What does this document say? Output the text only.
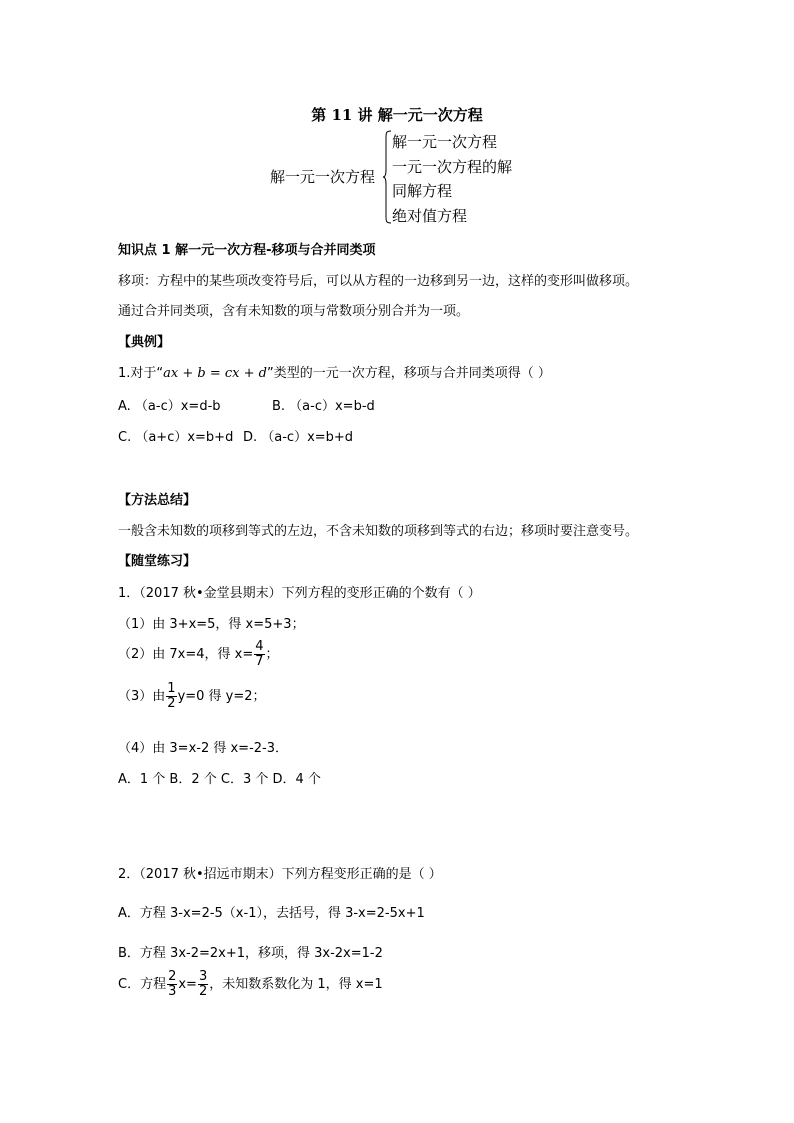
第 11 讲 解一元一次方程
解一元一次方程
解一元一次方程
一元一次方程的解
同解方程
绝对值方程
知识点 1 解一元一次方程-移项与合并同类项
移项：方程中的某些项改变符号后，可以从方程的一边移到另一边，这样的变形叫做移项。
通过合并同类项，含有未知数的项与常数项分别合并为一项。
【典例】
1.对于“ax + b = cx + d”类型的一元一次方程，移项与合并同类项得（ ）
A. （a-c）x=d-b	B. （a-c）x=b-d
C. （a+c）x=b+d D. （a-c）x=b+d
【方法总结】
一般含未知数的项移到等式的左边，不含未知数的项移到等式的右边；移项时要注意变号。
【随堂练习】
1．（2017 秋•金堂县期末）下列方程的变形正确的个数有（ ）
（1）由 3+x=5，得 x=5+3；
（2）由 7x=4，得 $x= \frac{4}{7}$ ；
（3）由 $\frac{1}{2} y=0$ 得 y=2；
（4）由 3=x-2 得 x=-2-3．
A．1 个 B．2 个 C．3 个 D．4 个
2．（2017 秋•招远市期末）下列方程变形正确的是（ ）
A．方程 3-x=2-5（x-1），去括号，得 3-x=2-5x+1
B．方程 3x-2=2x+1，移项，得 3x-2x=1-2
C．方程 $\frac{2}{3} x= \frac{3}{2}$ ，未知数系数化为 1，得 x=1
